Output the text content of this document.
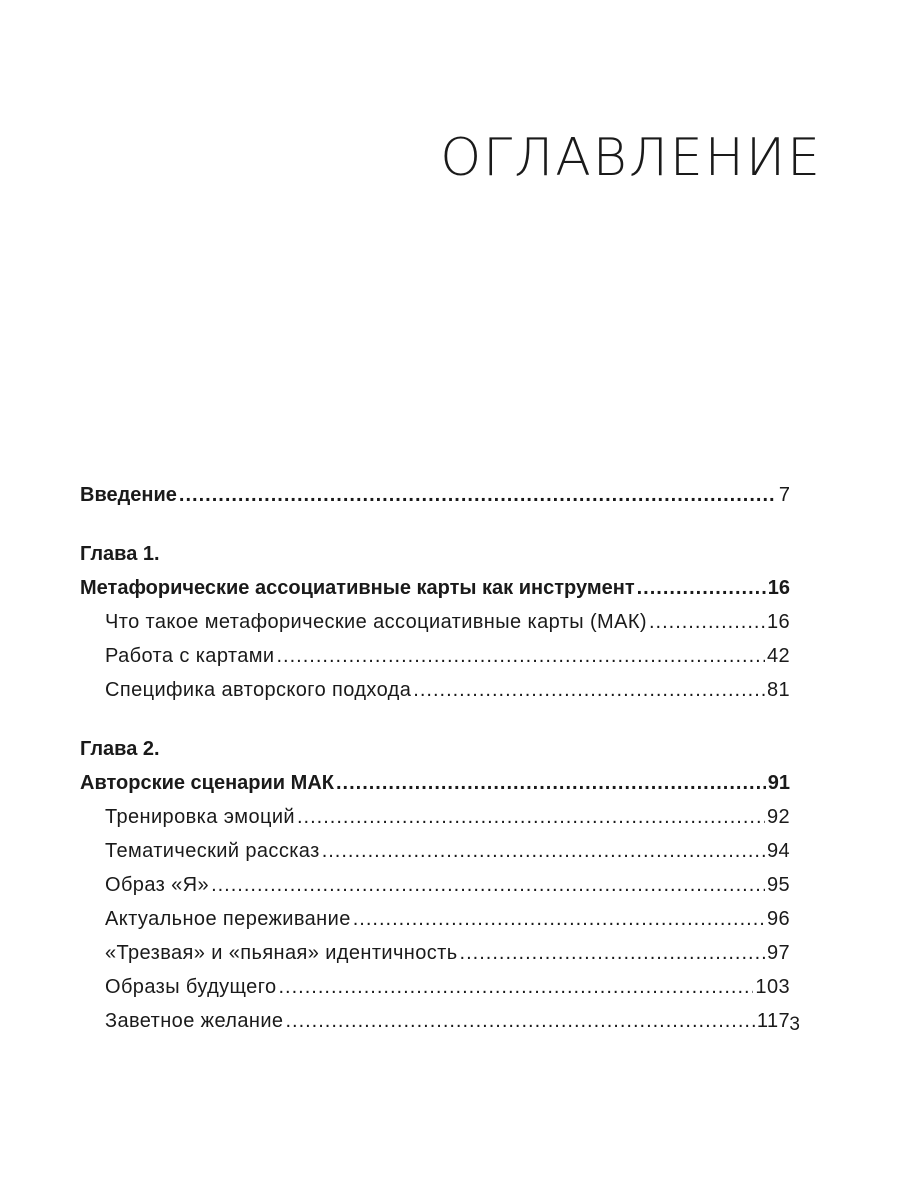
ОГЛАВЛЕНИЕ
Введение .....	7
Глава 1.
Метафорические ассоциативные карты как инструмент .....	16
Что такое метафорические ассоциативные карты (МАК) .....	16
Работа с картами .....	42
Специфика авторского подхода .....	81
Глава 2.
Авторские сценарии МАК .....	91
Тренировка эмоций .....	92
Тематический рассказ .....	94
Образ «Я» .....	95
Актуальное переживание .....	96
«Трезвая» и «пьяная» идентичность .....	97
Образы будущего .....	103
Заветное желание .....	117 3
